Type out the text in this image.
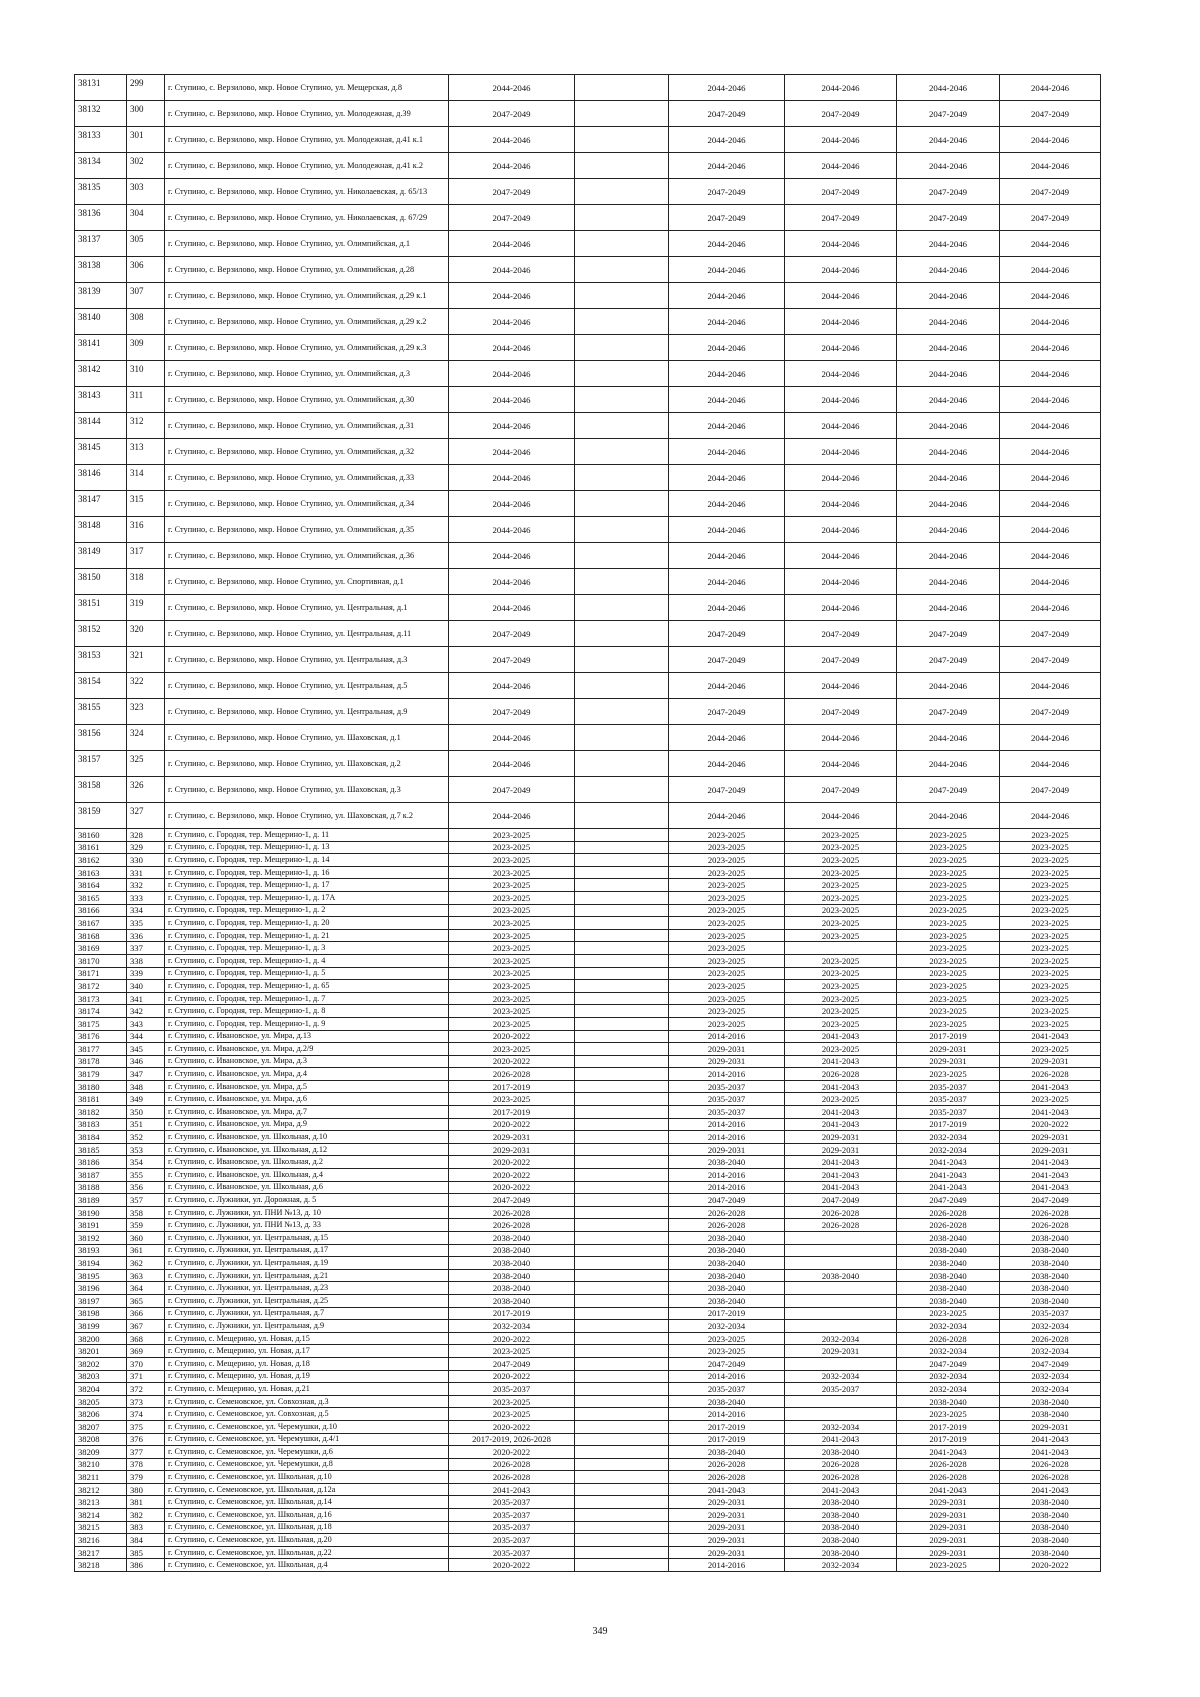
38131	299	г. Ступино, с. Верзилово, мкр. Новое Ступино, ул. Мещерская, д.8	2044-2046		2044-2046	2044-2046	2044-2046	2044-2046
38132	300	г. Ступино, с. Верзилово, мкр. Новое Ступино, ул. Молодежная, д.39	2047-2049		2047-2049	2047-2049	2047-2049	2047-2049
38133	301	г. Ступино, с. Верзилово, мкр. Новое Ступино, ул. Молодежная, д.41 к.1	2044-2046		2044-2046	2044-2046	2044-2046	2044-2046
38134	302	г. Ступино, с. Верзилово, мкр. Новое Ступино, ул. Молодежная, д.41 к.2	2044-2046		2044-2046	2044-2046	2044-2046	2044-2046
38135	303	г. Ступино, с. Верзилово, мкр. Новое Ступино, ул. Николаевская, д. 65/13	2047-2049		2047-2049	2047-2049	2047-2049	2047-2049
38136	304	г. Ступино, с. Верзилово, мкр. Новое Ступино, ул. Николаевская, д. 67/29	2047-2049		2047-2049	2047-2049	2047-2049	2047-2049
38137	305	г. Ступино, с. Верзилово, мкр. Новое Ступино, ул. Олимпийская, д.1	2044-2046		2044-2046	2044-2046	2044-2046	2044-2046
38138	306	г. Ступино, с. Верзилово, мкр. Новое Ступино, ул. Олимпийская, д.28	2044-2046		2044-2046	2044-2046	2044-2046	2044-2046
38139	307	г. Ступино, с. Верзилово, мкр. Новое Ступино, ул. Олимпийская, д.29 к.1	2044-2046		2044-2046	2044-2046	2044-2046	2044-2046
38140	308	г. Ступино, с. Верзилово, мкр. Новое Ступино, ул. Олимпийская, д.29 к.2	2044-2046		2044-2046	2044-2046	2044-2046	2044-2046
38141	309	г. Ступино, с. Верзилово, мкр. Новое Ступино, ул. Олимпийская, д.29 к.3	2044-2046		2044-2046	2044-2046	2044-2046	2044-2046
38142	310	г. Ступино, с. Верзилово, мкр. Новое Ступино, ул. Олимпийская, д.3	2044-2046		2044-2046	2044-2046	2044-2046	2044-2046
38143	311	г. Ступино, с. Верзилово, мкр. Новое Ступино, ул. Олимпийская, д.30	2044-2046		2044-2046	2044-2046	2044-2046	2044-2046
38144	312	г. Ступино, с. Верзилово, мкр. Новое Ступино, ул. Олимпийская, д.31	2044-2046		2044-2046	2044-2046	2044-2046	2044-2046
38145	313	г. Ступино, с. Верзилово, мкр. Новое Ступино, ул. Олимпийская, д.32	2044-2046		2044-2046	2044-2046	2044-2046	2044-2046
38146	314	г. Ступино, с. Верзилово, мкр. Новое Ступино, ул. Олимпийская, д.33	2044-2046		2044-2046	2044-2046	2044-2046	2044-2046
38147	315	г. Ступино, с. Верзилово, мкр. Новое Ступино, ул. Олимпийская, д.34	2044-2046		2044-2046	2044-2046	2044-2046	2044-2046
38148	316	г. Ступино, с. Верзилово, мкр. Новое Ступино, ул. Олимпийская, д.35	2044-2046		2044-2046	2044-2046	2044-2046	2044-2046
38149	317	г. Ступино, с. Верзилово, мкр. Новое Ступино, ул. Олимпийская, д.36	2044-2046		2044-2046	2044-2046	2044-2046	2044-2046
38150	318	г. Ступино, с. Верзилово, мкр. Новое Ступино, ул. Спортивная, д.1	2044-2046		2044-2046	2044-2046	2044-2046	2044-2046
38151	319	г. Ступино, с. Верзилово, мкр. Новое Ступино, ул. Центральная, д.1	2044-2046		2044-2046	2044-2046	2044-2046	2044-2046
38152	320	г. Ступино, с. Верзилово, мкр. Новое Ступино, ул. Центральная, д.11	2047-2049		2047-2049	2047-2049	2047-2049	2047-2049
38153	321	г. Ступино, с. Верзилово, мкр. Новое Ступино, ул. Центральная, д.3	2047-2049		2047-2049	2047-2049	2047-2049	2047-2049
38154	322	г. Ступино, с. Верзилово, мкр. Новое Ступино, ул. Центральная, д.5	2044-2046		2044-2046	2044-2046	2044-2046	2044-2046
38155	323	г. Ступино, с. Верзилово, мкр. Новое Ступино, ул. Центральная, д.9	2047-2049		2047-2049	2047-2049	2047-2049	2047-2049
38156	324	г. Ступино, с. Верзилово, мкр. Новое Ступино, ул. Шаховская, д.1	2044-2046		2044-2046	2044-2046	2044-2046	2044-2046
38157	325	г. Ступино, с. Верзилово, мкр. Новое Ступино, ул. Шаховская, д.2	2044-2046		2044-2046	2044-2046	2044-2046	2044-2046
38158	326	г. Ступино, с. Верзилово, мкр. Новое Ступино, ул. Шаховская, д.3	2047-2049		2047-2049	2047-2049	2047-2049	2047-2049
38159	327	г. Ступино, с. Верзилово, мкр. Новое Ступино, ул. Шаховская, д.7 к.2	2044-2046		2044-2046	2044-2046	2044-2046	2044-2046
38160	328	г. Ступино, с. Городня, тер. Мещерино-1, д. 11	2023-2025		2023-2025	2023-2025	2023-2025	2023-2025
38161	329	г. Ступино, с. Городня, тер. Мещерино-1, д. 13	2023-2025		2023-2025	2023-2025	2023-2025	2023-2025
38162	330	г. Ступино, с. Городня, тер. Мещерино-1, д. 14	2023-2025		2023-2025	2023-2025	2023-2025	2023-2025
38163	331	г. Ступино, с. Городня, тер. Мещерино-1, д. 16	2023-2025		2023-2025	2023-2025	2023-2025	2023-2025
38164	332	г. Ступино, с. Городня, тер. Мещерино-1, д. 17	2023-2025		2023-2025	2023-2025	2023-2025	2023-2025
38165	333	г. Ступино, с. Городня, тер. Мещерино-1, д. 17А	2023-2025		2023-2025	2023-2025	2023-2025	2023-2025
38166	334	г. Ступино, с. Городня, тер. Мещерино-1, д. 2	2023-2025		2023-2025	2023-2025	2023-2025	2023-2025
38167	335	г. Ступино, с. Городня, тер. Мещерино-1, д. 20	2023-2025		2023-2025	2023-2025	2023-2025	2023-2025
38168	336	г. Ступино, с. Городня, тер. Мещерино-1, д. 21	2023-2025		2023-2025	2023-2025	2023-2025	2023-2025
38169	337	г. Ступино, с. Городня, тер. Мещерино-1, д. 3	2023-2025		2023-2025		2023-2025	2023-2025
38170	338	г. Ступино, с. Городня, тер. Мещерино-1, д. 4	2023-2025		2023-2025	2023-2025	2023-2025	2023-2025
38171	339	г. Ступино, с. Городня, тер. Мещерино-1, д. 5	2023-2025		2023-2025	2023-2025	2023-2025	2023-2025
38172	340	г. Ступино, с. Городня, тер. Мещерино-1, д. 65	2023-2025		2023-2025	2023-2025	2023-2025	2023-2025
38173	341	г. Ступино, с. Городня, тер. Мещерино-1, д. 7	2023-2025		2023-2025	2023-2025	2023-2025	2023-2025
38174	342	г. Ступино, с. Городня, тер. Мещерино-1, д. 8	2023-2025		2023-2025	2023-2025	2023-2025	2023-2025
38175	343	г. Ступино, с. Городня, тер. Мещерино-1, д. 9	2023-2025		2023-2025	2023-2025	2023-2025	2023-2025
38176	344	г. Ступино, с. Ивановское, ул. Мира, д.13	2020-2022		2014-2016	2041-2043	2017-2019	2041-2043
38177	345	г. Ступино, с. Ивановское, ул. Мира, д.2/9	2023-2025		2029-2031	2023-2025	2029-2031	2023-2025
38178	346	г. Ступино, с. Ивановское, ул. Мира, д.3	2020-2022		2029-2031	2041-2043	2029-2031	2029-2031
38179	347	г. Ступино, с. Ивановское, ул. Мира, д.4	2026-2028		2014-2016	2026-2028	2023-2025	2026-2028
38180	348	г. Ступино, с. Ивановское, ул. Мира, д.5	2017-2019		2035-2037	2041-2043	2035-2037	2041-2043
38181	349	г. Ступино, с. Ивановское, ул. Мира, д.6	2023-2025		2035-2037	2023-2025	2035-2037	2023-2025
38182	350	г. Ступино, с. Ивановское, ул. Мира, д.7	2017-2019		2035-2037	2041-2043	2035-2037	2041-2043
38183	351	г. Ступино, с. Ивановское, ул. Мира, д.9	2020-2022		2014-2016	2041-2043	2017-2019	2020-2022
38184	352	г. Ступино, с. Ивановское, ул. Школьная, д.10	2029-2031		2014-2016	2029-2031	2032-2034	2029-2031
38185	353	г. Ступино, с. Ивановское, ул. Школьная, д.12	2029-2031		2029-2031	2029-2031	2032-2034	2029-2031
38186	354	г. Ступино, с. Ивановское, ул. Школьная, д.2	2020-2022		2038-2040	2041-2043	2041-2043	2041-2043
38187	355	г. Ступино, с. Ивановское, ул. Школьная, д.4	2020-2022		2014-2016	2041-2043	2041-2043	2041-2043
38188	356	г. Ступино, с. Ивановское, ул. Школьная, д.6	2020-2022		2014-2016	2041-2043	2041-2043	2041-2043
38189	357	г. Ступино, с. Лужники, ул. Дорожная, д. 5	2047-2049		2047-2049	2047-2049	2047-2049	2047-2049
38190	358	г. Ступино, с. Лужники, ул. ПНИ №13, д. 10	2026-2028		2026-2028	2026-2028	2026-2028	2026-2028
38191	359	г. Ступино, с. Лужники, ул. ПНИ №13, д. 33	2026-2028		2026-2028	2026-2028	2026-2028	2026-2028
38192	360	г. Ступино, с. Лужники, ул. Центральная, д.15	2038-2040		2038-2040		2038-2040	2038-2040
38193	361	г. Ступино, с. Лужники, ул. Центральная, д.17	2038-2040		2038-2040		2038-2040	2038-2040
38194	362	г. Ступино, с. Лужники, ул. Центральная, д.19	2038-2040		2038-2040		2038-2040	2038-2040
38195	363	г. Ступино, с. Лужники, ул. Центральная, д.21	2038-2040		2038-2040	2038-2040	2038-2040	2038-2040
38196	364	г. Ступино, с. Лужники, ул. Центральная, д.23	2038-2040		2038-2040		2038-2040	2038-2040
38197	365	г. Ступино, с. Лужники, ул. Центральная, д.25	2038-2040		2038-2040		2038-2040	2038-2040
38198	366	г. Ступино, с. Лужники, ул. Центральная, д.7	2017-2019		2017-2019		2023-2025	2035-2037
38199	367	г. Ступино, с. Лужники, ул. Центральная, д.9	2032-2034		2032-2034		2032-2034	2032-2034
38200	368	г. Ступино, с. Мещерино, ул. Новая, д.15	2020-2022		2023-2025	2032-2034	2026-2028	2026-2028
38201	369	г. Ступино, с. Мещерино, ул. Новая, д.17	2023-2025		2023-2025	2029-2031	2032-2034	2032-2034
38202	370	г. Ступино, с. Мещерино, ул. Новая, д.18	2047-2049		2047-2049		2047-2049	2047-2049
38203	371	г. Ступино, с. Мещерино, ул. Новая, д.19	2020-2022		2014-2016	2032-2034	2032-2034	2032-2034
38204	372	г. Ступино, с. Мещерино, ул. Новая, д.21	2035-2037		2035-2037	2035-2037	2032-2034	2032-2034
38205	373	г. Ступино, с. Семеновское, ул. Совхозная, д.3	2023-2025		2038-2040		2038-2040	2038-2040
38206	374	г. Ступино, с. Семеновское, ул. Совхозная, д.5	2023-2025		2014-2016		2023-2025	2038-2040
38207	375	г. Ступино, с. Семеновское, ул. Черемушки, д.10	2020-2022		2017-2019	2032-2034	2017-2019	2029-2031
38208	376	г. Ступино, с. Семеновское, ул. Черемушки, д.4/1	2017-2019, 2026-2028		2017-2019	2041-2043	2017-2019	2041-2043
38209	377	г. Ступино, с. Семеновское, ул. Черемушки, д.6	2020-2022		2038-2040	2038-2040	2041-2043	2041-2043
38210	378	г. Ступино, с. Семеновское, ул. Черемушки, д.8	2026-2028		2026-2028	2026-2028	2026-2028	2026-2028
38211	379	г. Ступино, с. Семеновское, ул. Школьная, д.10	2026-2028		2026-2028	2026-2028	2026-2028	2026-2028
38212	380	г. Ступино, с. Семеновское, ул. Школьная, д.12а	2041-2043		2041-2043	2041-2043	2041-2043	2041-2043
38213	381	г. Ступино, с. Семеновское, ул. Школьная, д.14	2035-2037		2029-2031	2038-2040	2029-2031	2038-2040
38214	382	г. Ступино, с. Семеновское, ул. Школьная, д.16	2035-2037		2029-2031	2038-2040	2029-2031	2038-2040
38215	383	г. Ступино, с. Семеновское, ул. Школьная, д.18	2035-2037		2029-2031	2038-2040	2029-2031	2038-2040
38216	384	г. Ступино, с. Семеновское, ул. Школьная, д.20	2035-2037		2029-2031	2038-2040	2029-2031	2038-2040
38217	385	г. Ступино, с. Семеновское, ул. Школьная, д.22	2035-2037		2029-2031	2038-2040	2029-2031	2038-2040
38218	386	г. Ступино, с. Семеновское, ул. Школьная, д.4	2020-2022		2014-2016	2032-2034	2023-2025	2020-2022
349
